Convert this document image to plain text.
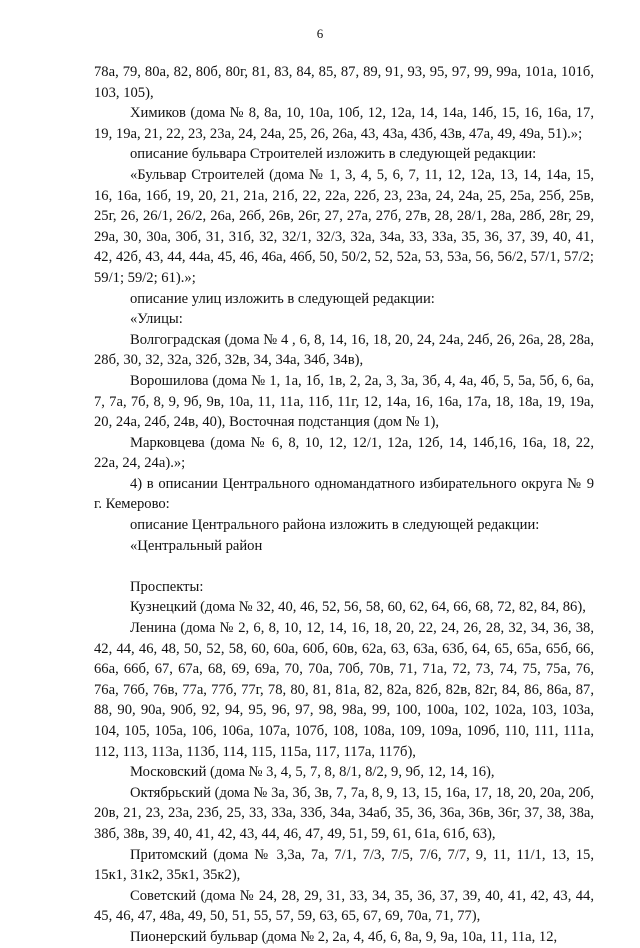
6

78а, 79, 80а, 82, 80б, 80г, 81, 83, 84, 85, 87, 89, 91, 93, 95, 97, 99, 99а, 101а, 101б, 103, 105),

Химиков (дома № 8, 8а, 10, 10а, 10б, 12, 12а, 14, 14а, 14б, 15, 16, 16а, 17, 19, 19а, 21, 22, 23, 23а, 24, 24а, 25, 26, 26а, 43, 43а, 43б, 43в, 47а, 49, 49а, 51).»;

описание бульвара Строителей изложить в следующей редакции:

«Бульвар Строителей (дома № 1, 3, 4, 5, 6, 7, 11, 12, 12а, 13, 14, 14а, 15, 16, 16а, 16б, 19, 20, 21, 21а, 21б, 22, 22а, 22б, 23, 23а, 24, 24а, 25, 25а, 25б, 25в, 25г, 26, 26/1, 26/2, 26а, 26б, 26в, 26г, 27, 27а, 27б, 27в, 28, 28/1, 28а, 28б, 28г, 29, 29а, 30, 30а, 30б, 31, 31б, 32, 32/1, 32/3, 32а, 34а, 33, 33а, 35, 36, 37, 39, 40, 41, 42, 42б, 43, 44, 44а, 45, 46, 46а, 46б, 50, 50/2, 52, 52а, 53, 53а, 56, 56/2, 57/1, 57/2; 59/1; 59/2; 61).»;

описание улиц изложить в следующей редакции:

«Улицы:

Волгоградская (дома № 4 , 6, 8, 14, 16, 18, 20, 24, 24а, 24б, 26, 26а, 28, 28а, 28б, 30, 32, 32а, 32б, 32в, 34, 34а, 34б, 34в),

Ворошилова (дома № 1, 1а, 1б, 1в, 2, 2а, 3, 3а, 3б, 4, 4а, 4б, 5, 5а, 5б, 6, 6а, 7, 7а, 7б, 8, 9, 9б, 9в, 10а, 11, 11а, 11б, 11г, 12, 14а, 16, 16а, 17а, 18, 18а, 19, 19а, 20, 24а, 24б, 24в, 40), Восточная подстанция (дом № 1),

Марковцева (дома № 6, 8, 10, 12, 12/1, 12а, 12б, 14, 14б,16, 16а, 18, 22, 22а, 24, 24а).»;

4) в описании Центрального одномандатного избирательного округа № 9 г. Кемерово:

описание Центрального района изложить в следующей редакции:

«Центральный район

Проспекты:

Кузнецкий (дома № 32, 40, 46, 52, 56, 58, 60, 62, 64, 66, 68, 72, 82, 84, 86),

Ленина (дома № 2, 6, 8, 10, 12, 14, 16, 18, 20, 22, 24, 26, 28, 32, 34, 36, 38, 42, 44, 46, 48, 50, 52, 58, 60, 60а, 60б, 60в, 62а, 63, 63а, 63б, 64, 65, 65а, 65б, 66, 66а, 66б, 67, 67а, 68, 69, 69а, 70, 70а, 70б, 70в, 71, 71а, 72, 73, 74, 75, 75а, 76, 76а, 76б, 76в, 77а, 77б, 77г, 78, 80, 81, 81а, 82, 82а, 82б, 82в, 82г, 84, 86, 86а, 87, 88, 90, 90а, 90б, 92, 94, 95, 96, 97, 98, 98а, 99, 100, 100а, 102, 102а, 103, 103а, 104, 105, 105а, 106, 106а, 107а, 107б, 108, 108а, 109, 109а, 109б, 110, 111, 111а, 112, 113, 113а, 113б, 114, 115, 115а, 117, 117а, 117б),

Московский (дома № 3, 4, 5, 7, 8, 8/1, 8/2, 9, 9б, 12, 14, 16),

Октябрьский (дома № 3а, 3б, 3в, 7, 7а, 8, 9, 13, 15, 16а, 17, 18, 20, 20а, 20б, 20в, 21, 23, 23а, 23б, 25, 33, 33а, 33б, 34а, 34аб, 35, 36, 36а, 36в, 36г, 37, 38, 38а, 38б, 38в, 39, 40, 41, 42, 43, 44, 46, 47, 49, 51, 59, 61, 61а, 61б, 63),

Притомский (дома № 3,3а, 7а, 7/1, 7/3, 7/5, 7/6, 7/7, 9, 11, 11/1, 13, 15, 15к1, 31к2, 35к1, 35к2),

Советский (дома № 24, 28, 29, 31, 33, 34, 35, 36, 37, 39, 40, 41, 42, 43, 44, 45, 46, 47, 48а, 49, 50, 51, 55, 57, 59, 63, 65, 67, 69, 70а, 71, 77),

Пионерский бульвар (дома № 2, 2а, 4, 4б, 6, 8а, 9, 9а, 10а, 11, 11а, 12,
